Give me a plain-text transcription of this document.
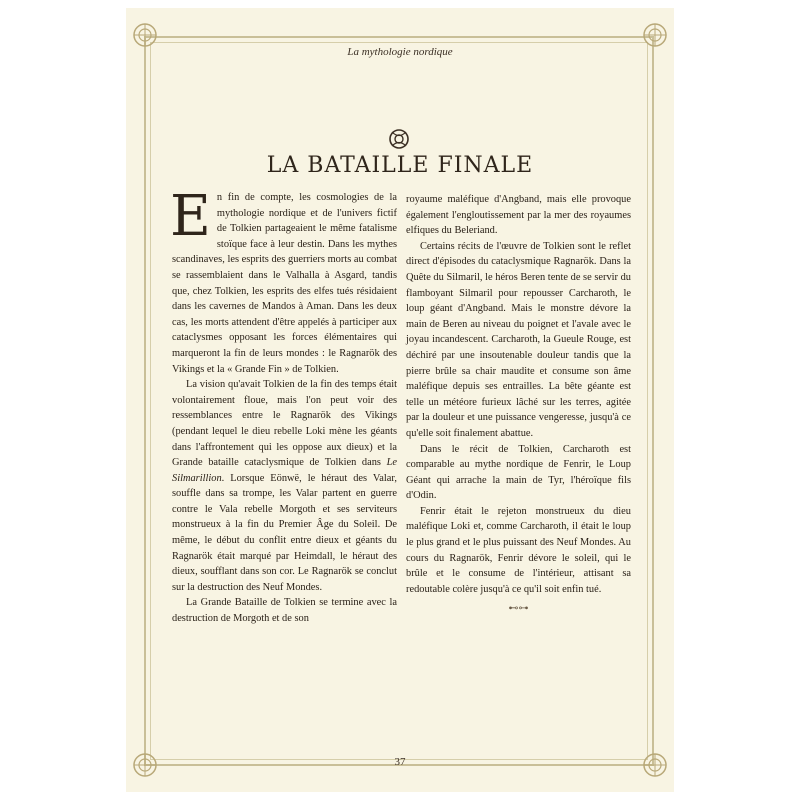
La mythologie nordique
LA BATAILLE FINALE

En fin de compte, les cosmologies de la mythologie nordique et de l'univers fictif de Tolkien partageaient le même fatalisme stoïque face à leur destin. Dans les mythes scandinaves, les esprits des guerriers morts au combat se rassemblaient dans le Valhalla à Asgard, tandis que, chez Tolkien, les esprits des elfes tués résidaient dans les cavernes de Mandos à Aman. Dans les deux cas, les morts attendent d'être appelés à participer aux cataclysmes opposant les forces élémentaires qui marqueront la fin de leurs mondes : le Ragnarök des Vikings et la « Grande Fin » de Tolkien.

La vision qu'avait Tolkien de la fin des temps était volontairement floue, mais l'on peut voir des ressemblances entre le Ragnarök des Vikings (pendant lequel le dieu rebelle Loki mène les géants dans l'affrontement qui les oppose aux dieux) et la Grande bataille cataclysmique de Tolkien dans Le Silmarillion. Lorsque Eönwë, le héraut des Valar, souffle dans sa trompe, les Valar partent en guerre contre le Vala rebelle Morgoth et ses serviteurs monstrueux à la fin du Premier Âge du Soleil. De même, le début du conflit entre dieux et géants du Ragnarök était marqué par Heimdall, le héraut des dieux, soufflant dans son cor. Le Ragnarök se conclut sur la destruction des Neuf Mondes.

La Grande Bataille de Tolkien se termine avec la destruction de Morgoth et de son

royaume maléfique d'Angband, mais elle provoque également l'engloutissement par la mer des royaumes elfiques du Beleriand.

Certains récits de l'œuvre de Tolkien sont le reflet direct d'épisodes du cataclysmique Ragnarök. Dans la Quête du Silmaril, le héros Beren tente de se servir du flamboyant Silmaril pour repousser Carcharoth, le loup géant d'Angband. Mais le monstre dévore la main de Beren au niveau du poignet et l'avale avec le joyau incandescent. Carcharoth, la Gueule Rouge, est déchiré par une insoutenable douleur tandis que la pierre brûle sa chair maudite et consume son âme maléfique depuis ses entrailles. La bête géante est telle un météore furieux lâché sur les terres, agitée par la douleur et une puissance vengeresse, jusqu'à ce qu'elle soit finalement abattue.

Dans le récit de Tolkien, Carcharoth est comparable au mythe nordique de Fenrir, le Loup Géant qui arrache la main de Tyr, l'héroïque fils d'Odin.

Fenrir était le rejeton monstrueux du dieu maléfique Loki et, comme Carcharoth, il était le loup le plus grand et le plus puissant des Neuf Mondes. Au cours du Ragnarök, Fenrir dévore le soleil, qui le brûle et le consume de l'intérieur, attisant sa redoutable colère jusqu'à ce qu'il soit enfin tué.

⊷⊶
37
